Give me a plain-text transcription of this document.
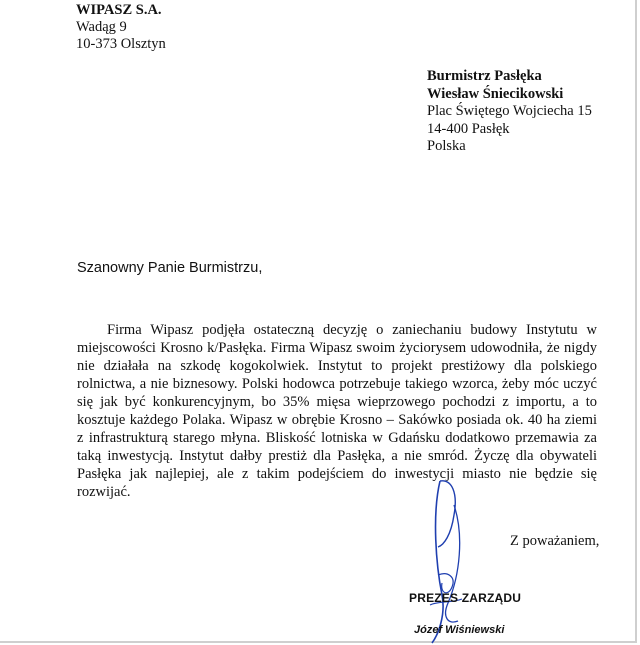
WIPASZ S.A.
Wadąg 9
10-373 Olsztyn
Burmistrz Pasłęka
Wiesław Śniecikowski
Plac Świętego Wojciecha 15
14-400 Pasłęk
Polska
Szanowny Panie Burmistrzu,

Firma Wipasz podjęła ostateczną decyzję o zaniechaniu budowy Instytutu w miejscowości Krosno k/Pasłęka. Firma Wipasz swoim życiorysem udowodniła, że nigdy nie działała na szkodę kogokolwiek. Instytut to projekt prestiżowy dla polskiego rolnictwa, a nie biznesowy. Polski hodowca potrzebuje takiego wzorca, żeby móc uczyć się jak być konkurencyjnym, bo 35% mięsa wieprzowego pochodzi z importu, a to kosztuje każdego Polaka. Wipasz w obrębie Krosno – Sakówko posiada ok. 40 ha ziemi z infrastrukturą starego młyna. Bliskość lotniska w Gdańsku dodatkowo przemawia za taką inwestycją. Instytut dałby prestiż dla Pasłęka, a nie smród. Życzę dla obywateli Pasłęka jak najlepiej, ale z takim podejściem do inwestycji miasto nie będzie się rozwijać.

Z poważaniem,
PREZES ZARZĄDU
Józef Wiśniewski
